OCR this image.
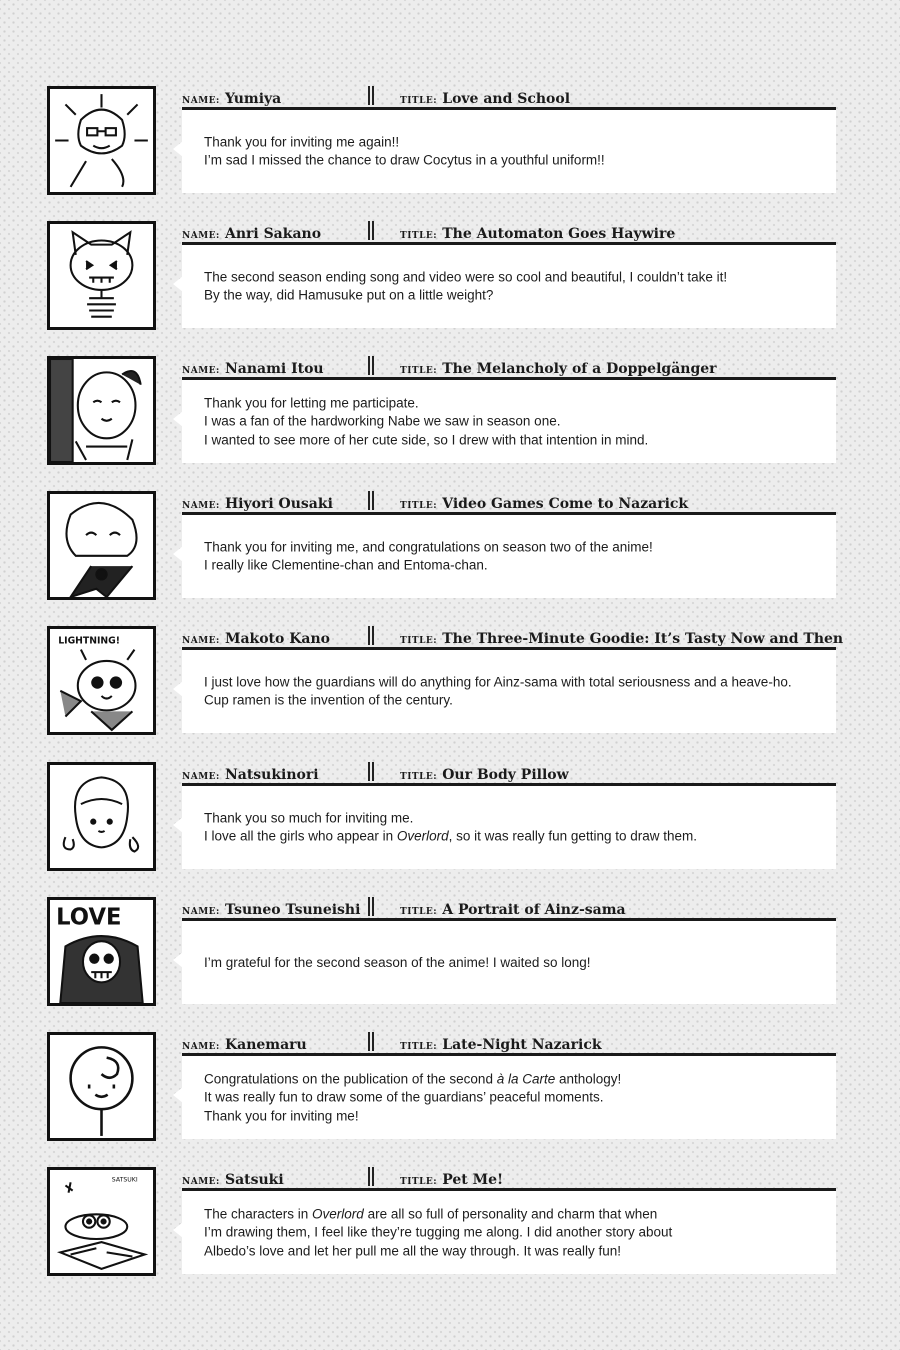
NAME: Yumiya	TITLE: Love and School
Thank you for inviting me again!!
I’m sad I missed the chance to draw Cocytus in a youthful uniform!!
NAME: Anri Sakano	TITLE: The Automaton Goes Haywire
The second season ending song and video were so cool and beautiful, I couldn’t take it!
By the way, did Hamusuke put on a little weight?
NAME: Nanami Itou	TITLE: The Melancholy of a Doppelgänger
Thank you for letting me participate.
I was a fan of the hardworking Nabe we saw in season one.
I wanted to see more of her cute side, so I drew with that intention in mind.
NAME: Hiyori Ousaki	TITLE: Video Games Come to Nazarick
Thank you for inviting me, and congratulations on season two of the anime!
I really like Clementine-chan and Entoma-chan.
LIGHTNING!	NAME: Makoto Kano	TITLE: The Three-Minute Goodie: It’s Tasty Now and Then
I just love how the guardians will do anything for Ainz-sama with total seriousness and a heave-ho.
Cup ramen is the invention of the century.
NAME: Natsukinori	TITLE: Our Body Pillow
Thank you so much for inviting me.
I love all the girls who appear in Overlord, so it was really fun getting to draw them.
LOVE	NAME: Tsuneo Tsuneishi	TITLE: A Portrait of Ainz-sama
I’m grateful for the second season of the anime! I waited so long!
NAME: Kanemaru	TITLE: Late-Night Nazarick
Congratulations on the publication of the second à la Carte anthology!
It was really fun to draw some of the guardians’ peaceful moments.
Thank you for inviting me!
SATSUKI	NAME: Satsuki	TITLE: Pet Me!
The characters in Overlord are all so full of personality and charm that when
I’m drawing them, I feel like they’re tugging me along. I did another story about
Albedo’s love and let her pull me all the way through. It was really fun!
